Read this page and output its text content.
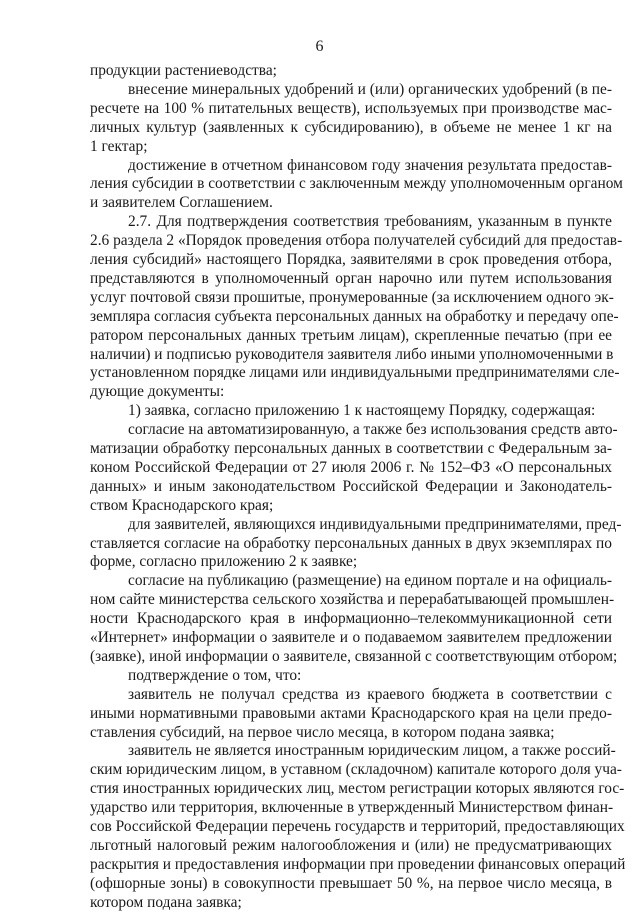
6
продукции растениеводства;
внесение минеральных удобрений и (или) органических удобрений (в пе-
ресчете на 100 % питательных веществ), используемых при производстве мас-
личных культур (заявленных к субсидированию), в объеме не менее 1 кг на
1 гектар;
достижение в отчетном финансовом году значения результата предостав-
ления субсидии в соответствии с заключенным между уполномоченным органом
и заявителем Соглашением.
2.7. Для подтверждения соответствия требованиям, указанным в пункте
2.6 раздела 2 «Порядок проведения отбора получателей субсидий для предостав-
ления субсидий» настоящего Порядка, заявителями в срок проведения отбора,
представляются в уполномоченный орган нарочно или путем использования
услуг почтовой связи прошитые, пронумерованные (за исключением одного эк-
земпляра согласия субъекта персональных данных на обработку и передачу опе-
ратором персональных данных третьим лицам), скрепленные печатью (при ее
наличии) и подписью руководителя заявителя либо иными уполномоченными в
установленном порядке лицами или индивидуальными предпринимателями сле-
дующие документы:
1) заявка, согласно приложению 1 к настоящему Порядку, содержащая:
согласие на автоматизированную, а также без использования средств авто-
матизации обработку персональных данных в соответствии с Федеральным за-
коном Российской Федерации от 27 июля 2006 г. № 152–ФЗ «О персональных
данных» и иным законодательством Российской Федерации и Законодатель-
ством Краснодарского края;
для заявителей, являющихся индивидуальными предпринимателями, пред-
ставляется согласие на обработку персональных данных в двух экземплярах по
форме, согласно приложению 2 к заявке;
согласие на публикацию (размещение) на едином портале и на официаль-
ном сайте министерства сельского хозяйства и перерабатывающей промышлен-
ности Краснодарского края в информационно–телекоммуникационной сети
«Интернет» информации о заявителе и о подаваемом заявителем предложении
(заявке), иной информации о заявителе, связанной с соответствующим отбором;
подтверждение о том, что:
заявитель не получал средства из краевого бюджета в соответствии с
иными нормативными правовыми актами Краснодарского края на цели предо-
ставления субсидий, на первое число месяца, в котором подана заявка;
заявитель не является иностранным юридическим лицом, а также россий-
ским юридическим лицом, в уставном (складочном) капитале которого доля уча-
стия иностранных юридических лиц, местом регистрации которых являются гос-
ударство или территория, включенные в утвержденный Министерством финан-
сов Российской Федерации перечень государств и территорий, предоставляющих
льготный налоговый режим налогообложения и (или) не предусматривающих
раскрытия и предоставления информации при проведении финансовых операций
(офшорные зоны) в совокупности превышает 50 %, на первое число месяца, в
котором подана заявка;
